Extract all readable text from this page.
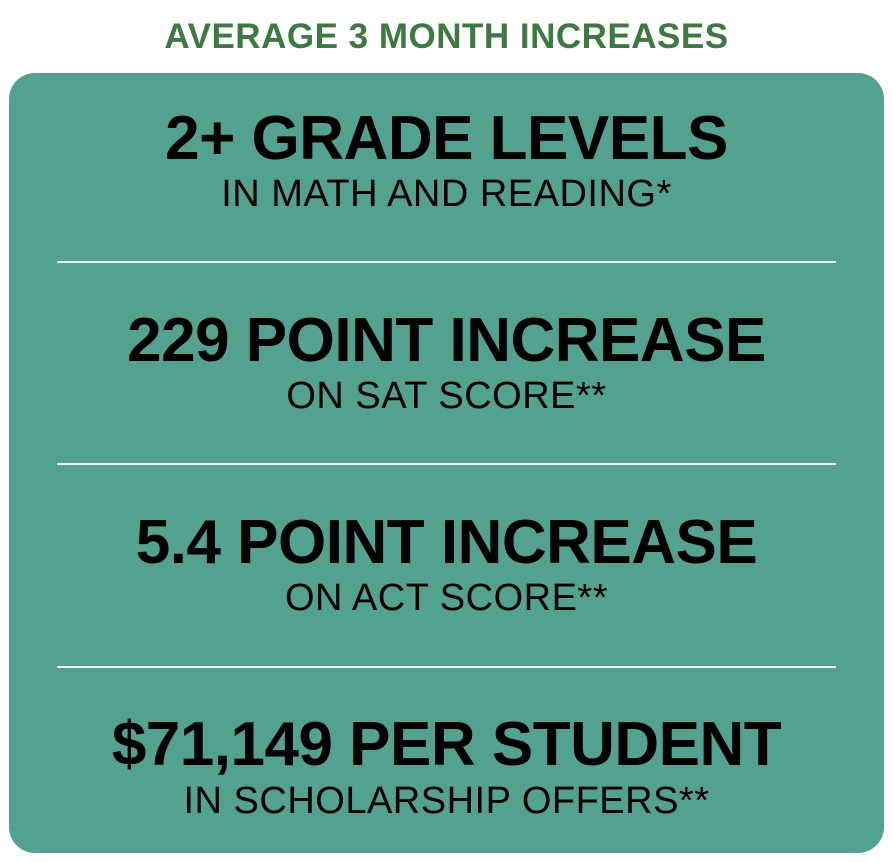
AVERAGE 3 MONTH INCREASES
2+ GRADE LEVELS
IN MATH AND READING*
229 POINT INCREASE
ON SAT SCORE**
5.4 POINT INCREASE
ON ACT SCORE**
$71,149 PER STUDENT
IN SCHOLARSHIP OFFERS**
